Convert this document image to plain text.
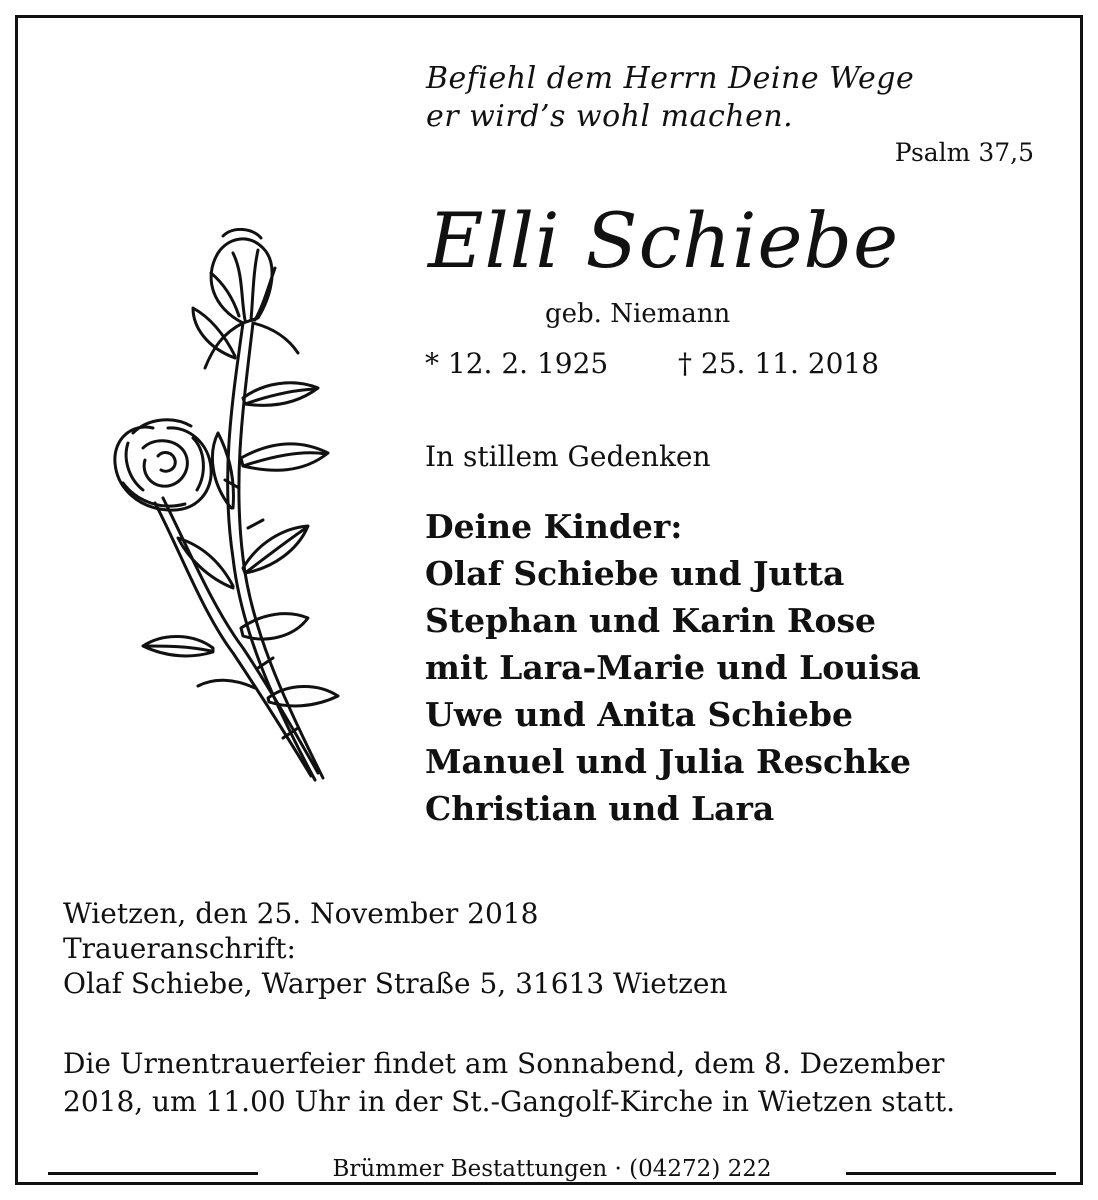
Befiehl dem Herrn Deine Wege
er wird’s wohl machen.
Psalm 37,5
Elli Schiebe
geb. Niemann
* 12. 2. 1925 † 25. 11. 2018
In stillem Gedenken
Deine Kinder:
Olaf Schiebe und Jutta
Stephan und Karin Rose
mit Lara-Marie und Louisa
Uwe und Anita Schiebe
Manuel und Julia Reschke
Christian und Lara
Wietzen, den 25. November 2018
Traueranschrift:
Olaf Schiebe, Warper Straße 5, 31613 Wietzen
Die Urnentrauerfeier findet am Sonnabend, dem 8. Dezember
2018, um 11.00 Uhr in der St.-Gangolf-Kirche in Wietzen statt.
Brümmer Bestattungen · (04272) 222
